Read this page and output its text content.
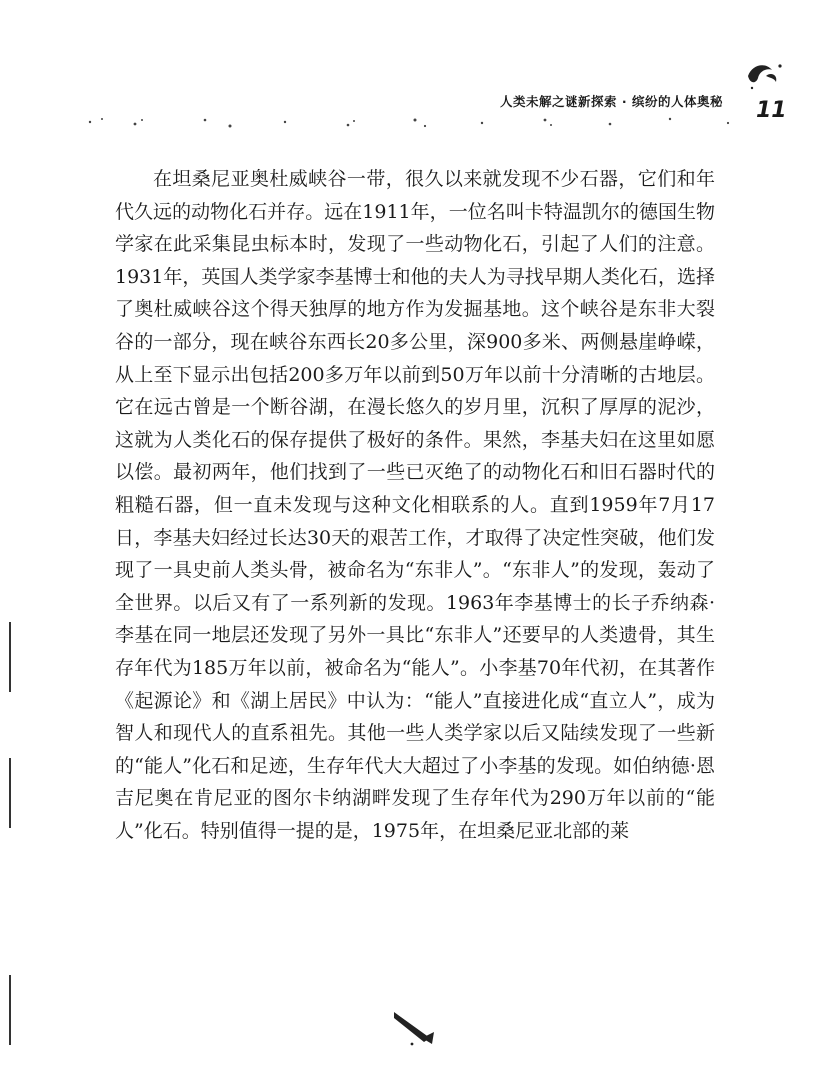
人类未解之谜新探索 · 缤纷的人体奥秘	11

在坦桑尼亚奥杜威峡谷一带，很久以来就发现不少石器，它们和年代久远的动物化石并存。远在1911年，一位名叫卡特温凯尔的德国生物学家在此采集昆虫标本时，发现了一些动物化石，引起了人们的注意。1931年，英国人类学家李基博士和他的夫人为寻找早期人类化石，选择了奥杜威峡谷这个得天独厚的地方作为发掘基地。这个峡谷是东非大裂谷的一部分，现在峡谷东西长20多公里，深900多米、两侧悬崖峥嵘，从上至下显示出包括200多万年以前到50万年以前十分清晰的古地层。它在远古曾是一个断谷湖，在漫长悠久的岁月里，沉积了厚厚的泥沙，这就为人类化石的保存提供了极好的条件。果然，李基夫妇在这里如愿以偿。最初两年，他们找到了一些已灭绝了的动物化石和旧石器时代的粗糙石器，但一直未发现与这种文化相联系的人。直到1959年7月17日，李基夫妇经过长达30天的艰苦工作，才取得了决定性突破，他们发现了一具史前人类头骨，被命名为“东非人”。“东非人”的发现，轰动了全世界。以后又有了一系列新的发现。1963年李基博士的长子乔纳森·李基在同一地层还发现了另外一具比“东非人”还要早的人类遗骨，其生存年代为185万年以前，被命名为“能人”。小李基70年代初，在其著作《起源论》和《湖上居民》中认为：“能人”直接进化成“直立人”，成为智人和现代人的直系祖先。其他一些人类学家以后又陆续发现了一些新的“能人”化石和足迹，生存年代大大超过了小李基的发现。如伯纳德·恩吉尼奥在肯尼亚的图尔卡纳湖畔发现了生存年代为290万年以前的“能人”化石。特别值得一提的是，1975年，在坦桑尼亚北部的莱
